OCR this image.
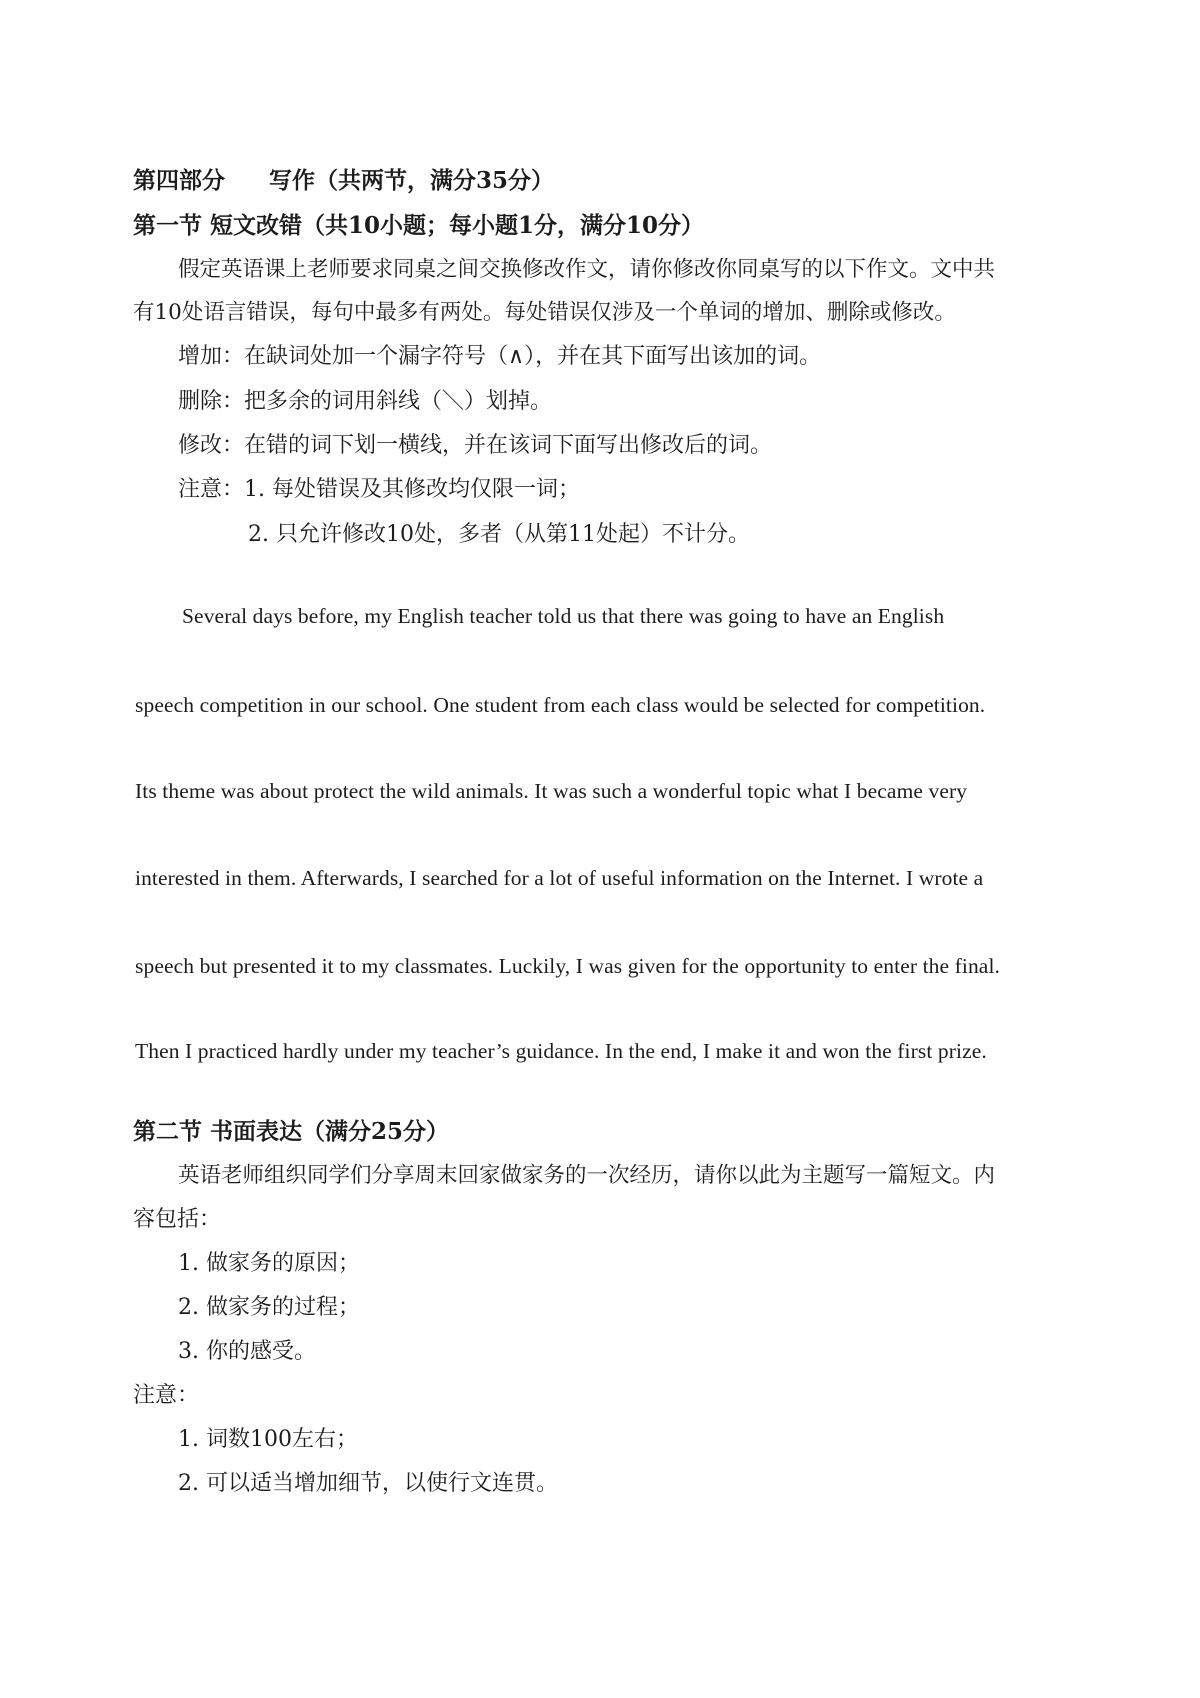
第四部分 写作（共两节，满分35分）
第一节 短文改错（共10小题；每小题1分，满分10分）
假定英语课上老师要求同桌之间交换修改作文，请你修改你同桌写的以下作文。文中共
有10处语言错误，每句中最多有两处。每处错误仅涉及一个单词的增加、删除或修改。
增加：在缺词处加一个漏字符号（∧），并在其下面写出该加的词。
删除：把多余的词用斜线（＼）划掉。
修改：在错的词下划一横线，并在该词下面写出修改后的词。
注意：1. 每处错误及其修改均仅限一词；
2. 只允许修改10处，多者（从第11处起）不计分。
Several days before, my English teacher told us that there was going to have an English
speech competition in our school. One student from each class would be selected for competition.
Its theme was about protect the wild animals. It was such a wonderful topic what I became very
interested in them. Afterwards, I searched for a lot of useful information on the Internet. I wrote a
speech but presented it to my classmates. Luckily, I was given for the opportunity to enter the final.
Then I practiced hardly under my teacher’s guidance. In the end, I make it and won the first prize.
第二节 书面表达（满分25分）
英语老师组织同学们分享周末回家做家务的一次经历，请你以此为主题写一篇短文。内
容包括：
1. 做家务的原因；
2. 做家务的过程；
3. 你的感受。
注意：
1. 词数100左右；
2. 可以适当增加细节，以使行文连贯。
